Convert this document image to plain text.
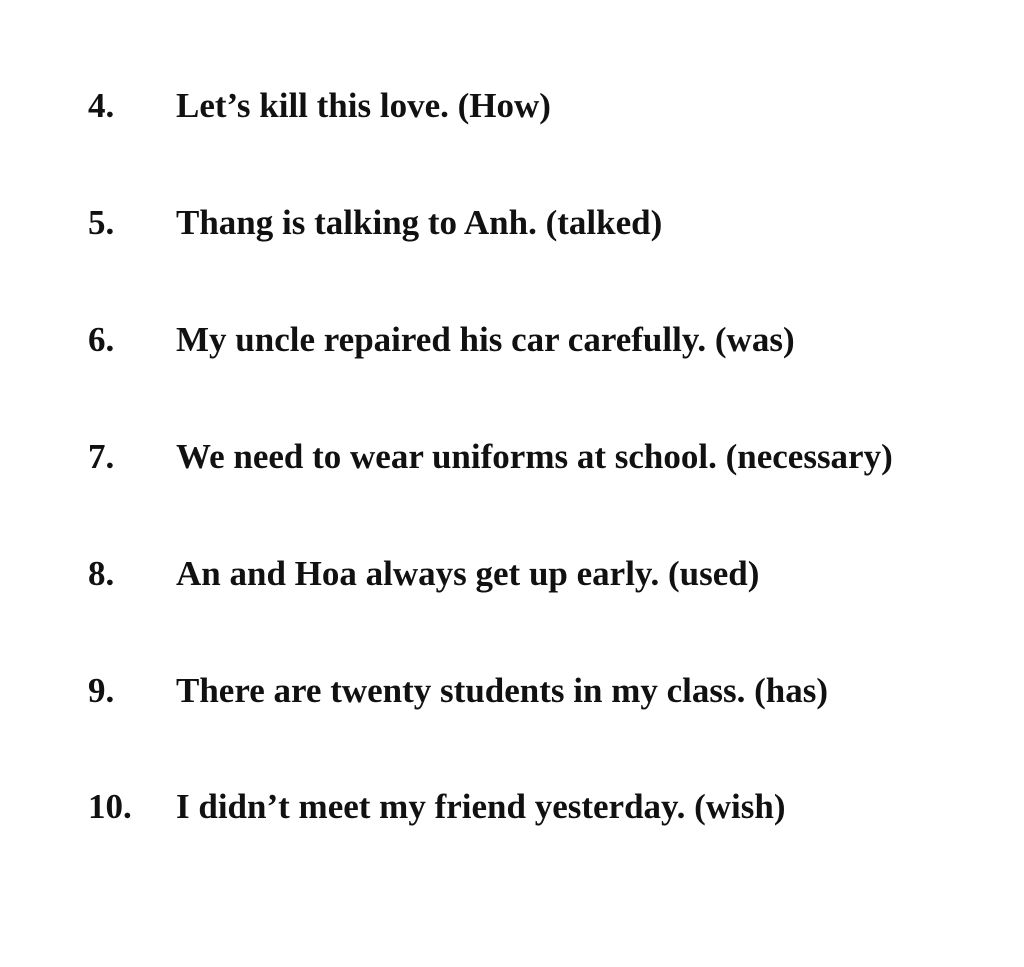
4. Let’s kill this love. (How)
5. Thang is talking to Anh. (talked)
6. My uncle repaired his car carefully. (was)
7. We need to wear uniforms at school. (necessary)
8. An and Hoa always get up early. (used)
9. There are twenty students in my class. (has)
10. I didn’t meet my friend yesterday. (wish)
